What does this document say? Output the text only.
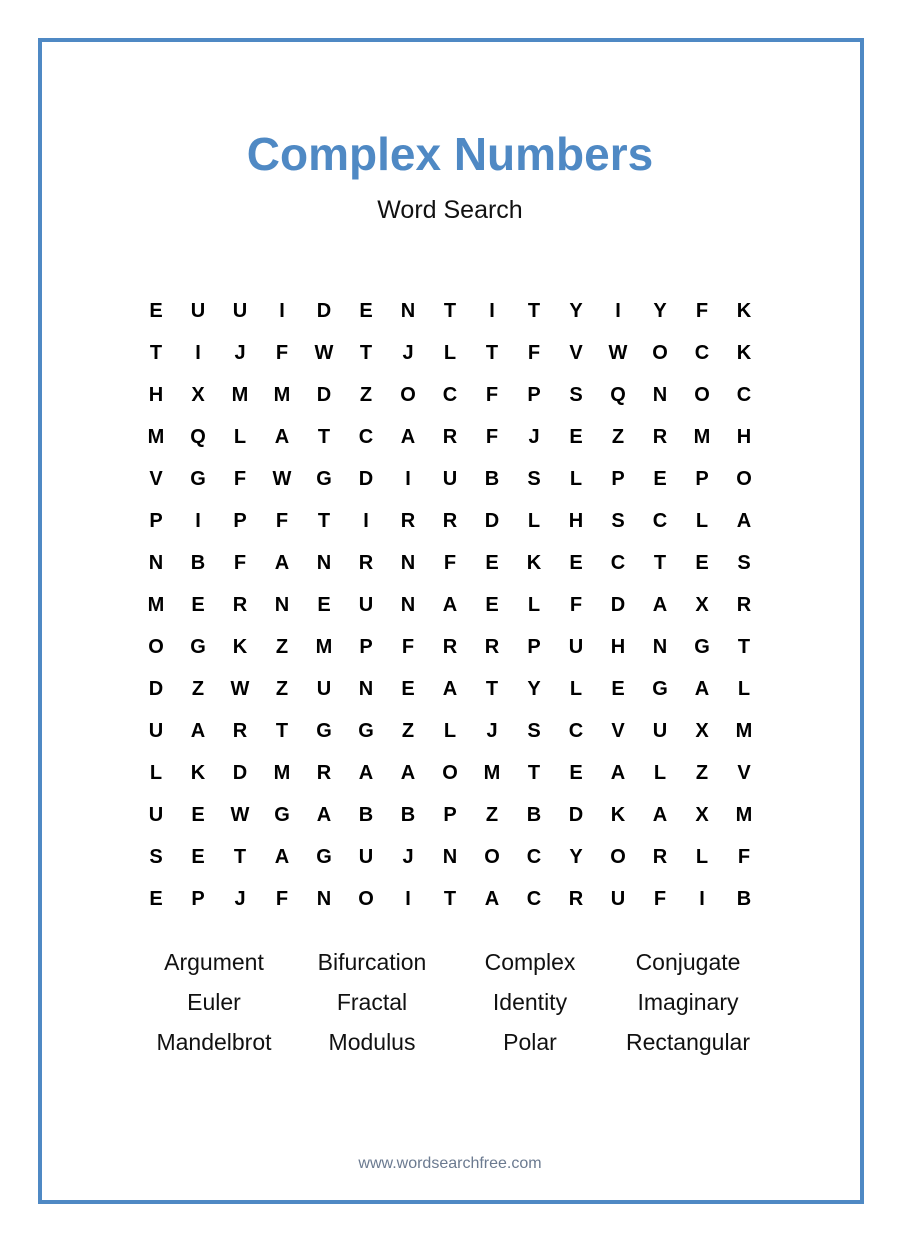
Complex Numbers
Word Search
E	U	U	I	D	E	N	T	I	T	Y	I	Y	F	K
T	I	J	F	W	T	J	L	T	F	V	W	O	C	K
H	X	M	M	D	Z	O	C	F	P	S	Q	N	O	C
M	Q	L	A	T	C	A	R	F	J	E	Z	R	M	H
V	G	F	W	G	D	I	U	B	S	L	P	E	P	O
P	I	P	F	T	I	R	R	D	L	H	S	C	L	A
N	B	F	A	N	R	N	F	E	K	E	C	T	E	S
M	E	R	N	E	U	N	A	E	L	F	D	A	X	R
O	G	K	Z	M	P	F	R	R	P	U	H	N	G	T
D	Z	W	Z	U	N	E	A	T	Y	L	E	G	A	L
U	A	R	T	G	G	Z	L	J	S	C	V	U	X	M
L	K	D	M	R	A	A	O	M	T	E	A	L	Z	V
U	E	W	G	A	B	B	P	Z	B	D	K	A	X	M
S	E	T	A	G	U	J	N	O	C	Y	O	R	L	F
E	P	J	F	N	O	I	T	A	C	R	U	F	I	B
Argument	Bifurcation	Complex	Conjugate
Euler	Fractal	Identity	Imaginary
Mandelbrot	Modulus	Polar	Rectangular
www.wordsearchfree.com
